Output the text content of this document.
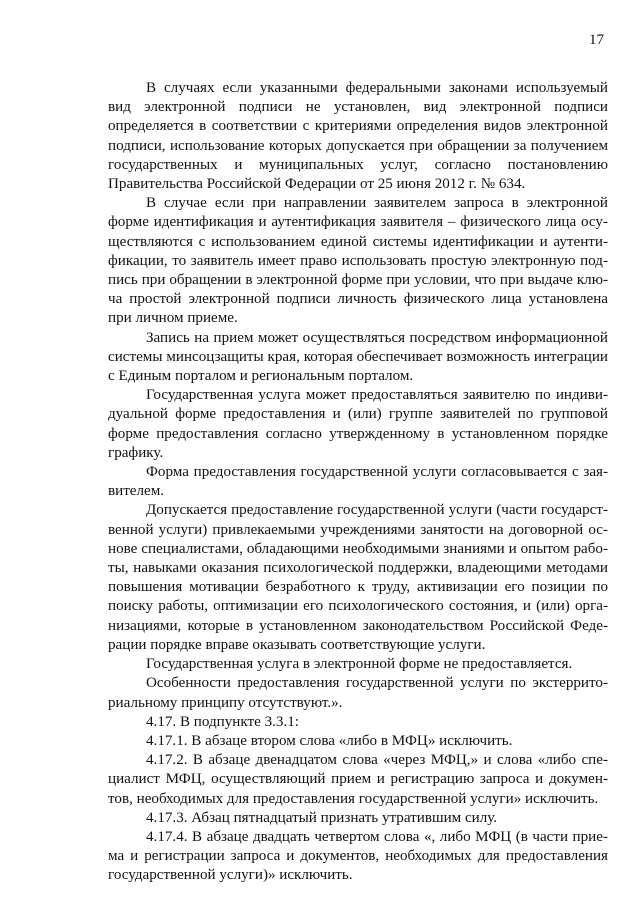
17

В случаях если указанными федеральными законами используемый вид электронной подписи не установлен, вид электронной подписи определяется в соответствии с критериями определения видов электронной подписи, использование которых допускается при обращении за получением государственных и муниципальных услуг, согласно постановлению Правительства Российской Федерации от 25 июня 2012 г. № 634.

В случае если при направлении заявителем запроса в электронной форме идентификация и аутентификация заявителя – физического лица осуществляются с использованием единой системы идентификации и аутентификации, то заявитель имеет право использовать простую электронную подпись при обращении в электронной форме при условии, что при выдаче ключа простой электронной подписи личность физического лица установлена при личном приеме.

Запись на прием может осуществляться посредством информационной системы минсоцзащиты края, которая обеспечивает возможность интеграции с Единым порталом и региональным порталом.

Государственная услуга может предоставляться заявителю по индивидуальной форме предоставления и (или) группе заявителей по групповой форме предоставления согласно утвержденному в установленном порядке графику.

Форма предоставления государственной услуги согласовывается с заявителем.

Допускается предоставление государственной услуги (части государственной услуги) привлекаемыми учреждениями занятости на договорной основе специалистами, обладающими необходимыми знаниями и опытом работы, навыками оказания психологической поддержки, владеющими методами повышения мотивации безработного к труду, активизации его позиции по поиску работы, оптимизации его психологического состояния, и (или) организациями, которые в установленном законодательством Российской Федерации порядке вправе оказывать соответствующие услуги.

Государственная услуга в электронной форме не предоставляется.

Особенности предоставления государственной услуги по экстерриториальному принципу отсутствуют.».

4.17. В подпункте 3.3.1:

4.17.1. В абзаце втором слова «либо в МФЦ» исключить.

4.17.2. В абзаце двенадцатом слова «через МФЦ,» и слова «либо специалист МФЦ, осуществляющий прием и регистрацию запроса и документов, необходимых для предоставления государственной услуги» исключить.

4.17.3. Абзац пятнадцатый признать утратившим силу.

4.17.4. В абзаце двадцать четвертом слова «, либо МФЦ (в части приема и регистрации запроса и документов, необходимых для предоставления государственной услуги)» исключить.
